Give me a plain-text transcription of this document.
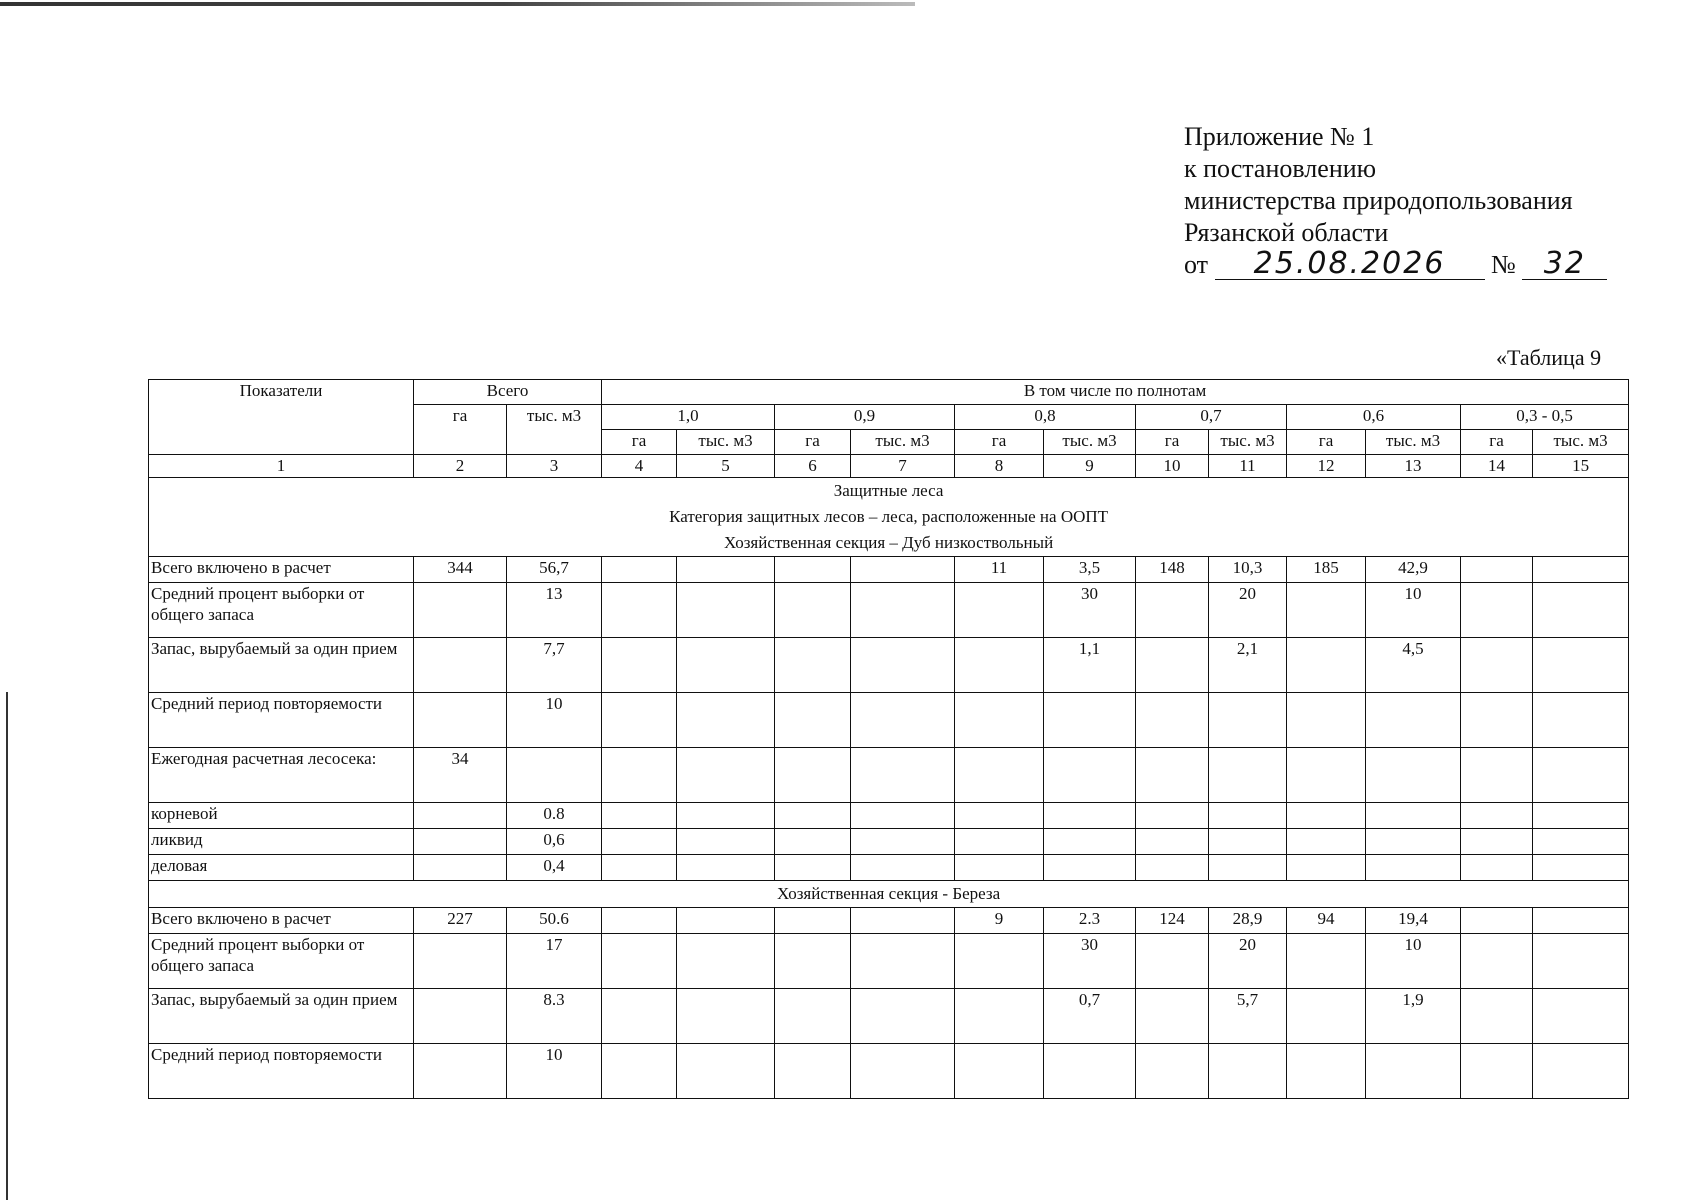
Приложение № 1
к постановлению
министерства природопользования
Рязанской области
от 25.08.2026 № 32
«Таблица 9
Показатели	Всего		В том числе по полнотам											
	га	тыс. м3	1,0		0,9		0,8		0,7		0,6		0,3 - 0,5	
			га	тыс. м3	га	тыс. м3	га	тыс. м3	га	тыс. м3	га	тыс. м3	га	тыс. м3
1	2	3	4	5	6	7	8	9	10	11	12	13	14	15
Защитные леса														
Категория защитных лесов – леса, расположенные на ООПТ														
Хозяйственная секция – Дуб низкоствольный														
Всего включено в расчет	344	56,7					11	3,5	148	10,3	185	42,9		
Средний процент выборки от общего запаса		13						30		20		10		
Запас, вырубаемый за один прием		7,7						1,1		2,1		4,5		
Средний период повторяемости		10												
Ежегодная расчетная лесосека:	34													
корневой		0.8												
ликвид		0,6												
деловая		0,4												
Хозяйственная секция - Береза														
Всего включено в расчет	227	50.6					9	2.3	124	28,9	94	19,4		
Средний процент выборки от общего запаса		17						30		20		10		
Запас, вырубаемый за один прием		8.3						0,7		5,7		1,9		
Средний период повторяемости		10												
